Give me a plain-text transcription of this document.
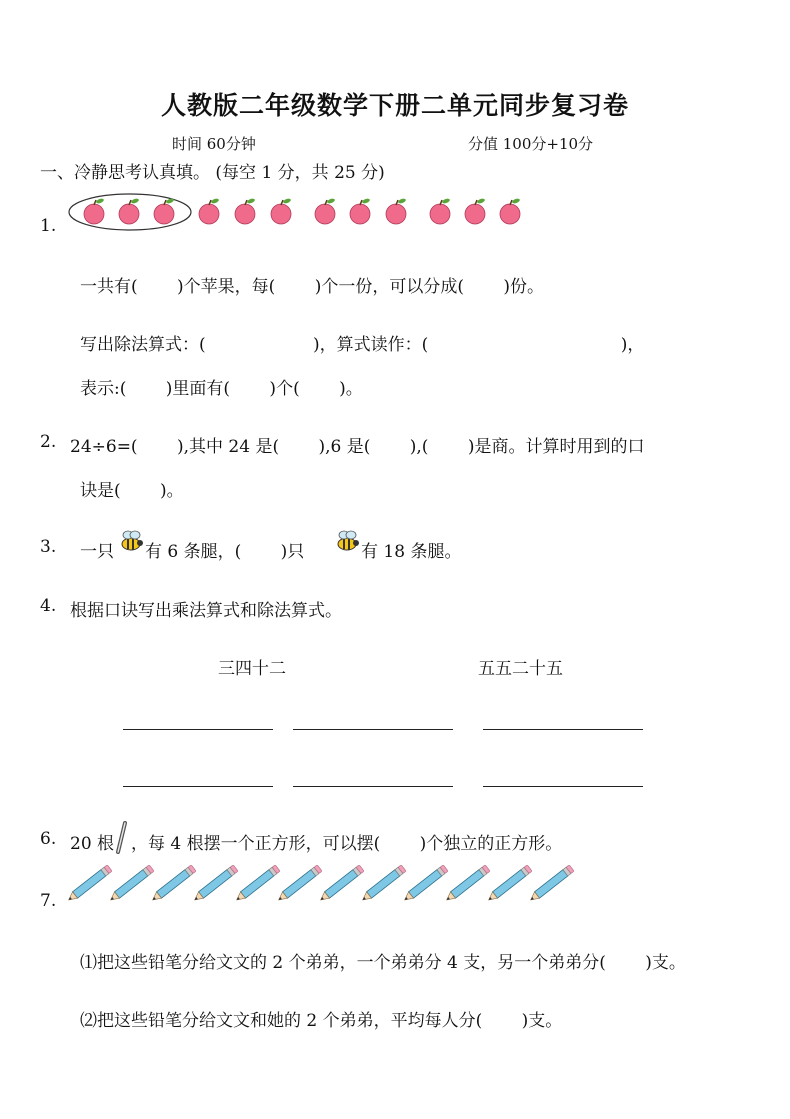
人教版二年级数学下册二单元同步复习卷
时间 60分钟	分值 100分+10分
一、冷静思考认真填。 (每空 1 分，共 25 分)
1.
一共有(　　 )个苹果，每(　　 )个一份，可以分成(　　 )份。
写出除法算式：(　　　　　　 )，算式读作：(　　　　　　　　　　　 )，
表示:(　　 )里面有(　　 )个(　　 )。
2. 24÷6=(　　 ),其中 24 是(　　 ),6 是(　　 ),(　　 )是商。计算时用到的口
诀是(　　 )。
3. 一只 有 6 条腿，(　　 )只	有 18 条腿。
4. 根据口诀写出乘法算式和除法算式。
三四十二	五五二十五
6. 20 根 ，每 4 根摆一个正方形，可以摆(　　 )个独立的正方形。
7.
⑴把这些铅笔分给文文的 2 个弟弟，一个弟弟分 4 支，另一个弟弟分(　　 )支。
⑵把这些铅笔分给文文和她的 2 个弟弟，平均每人分(　　 )支。
